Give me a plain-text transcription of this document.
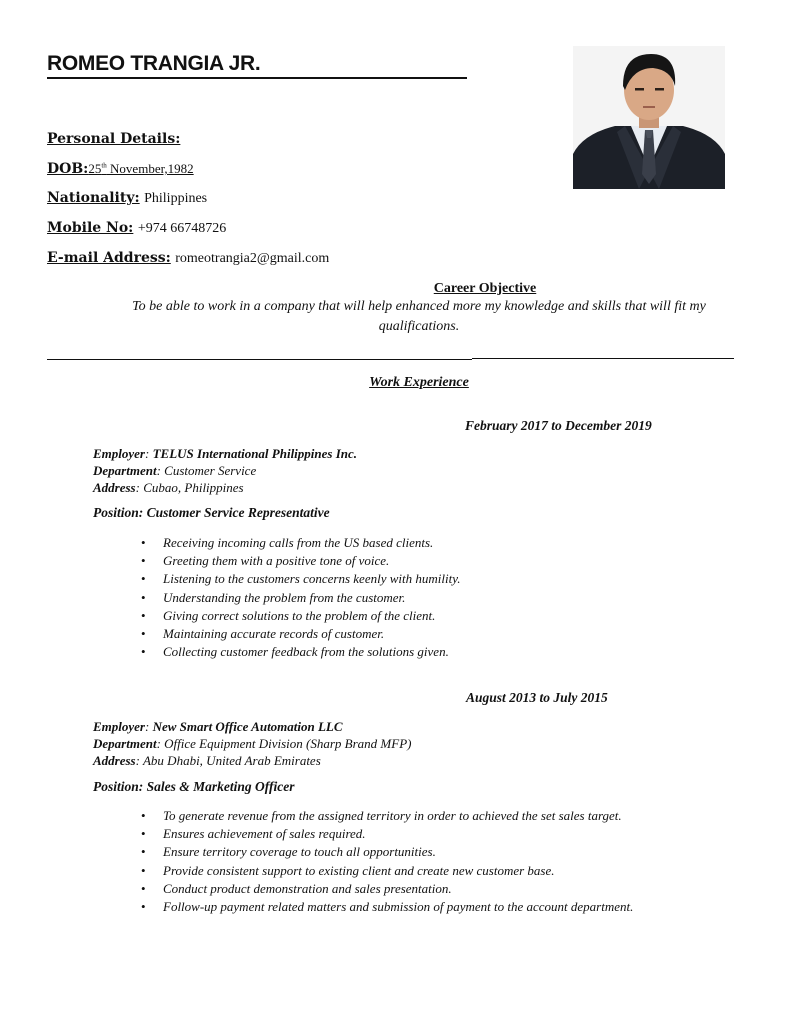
ROMEO TRANGIA JR.
Personal Details:
DOB:25th November,1982
Nationality: Philippines
Mobile No: +974 66748726
E-mail Address: romeotrangia2@gmail.com
Career Objective
To be able to work in a company that will help enhanced more my knowledge and skills that will fit my qualifications.
Work Experience
February 2017 to December 2019
Employer: TELUS International Philippines Inc.
Department: Customer Service
Address: Cubao, Philippines
Position: Customer Service Representative
• Receiving incoming calls from the US based clients.
• Greeting them with a positive tone of voice.
• Listening to the customers concerns keenly with humility.
• Understanding the problem from the customer.
• Giving correct solutions to the problem of the client.
• Maintaining accurate records of customer.
• Collecting customer feedback from the solutions given.
August 2013 to July 2015
Employer: New Smart Office Automation LLC
Department: Office Equipment Division (Sharp Brand MFP)
Address: Abu Dhabi, United Arab Emirates
Position: Sales & Marketing Officer
• To generate revenue from the assigned territory in order to achieved the set sales target.
• Ensures achievement of sales required.
• Ensure territory coverage to touch all opportunities.
• Provide consistent support to existing client and create new customer base.
• Conduct product demonstration and sales presentation.
• Follow-up payment related matters and submission of payment to the account department.
